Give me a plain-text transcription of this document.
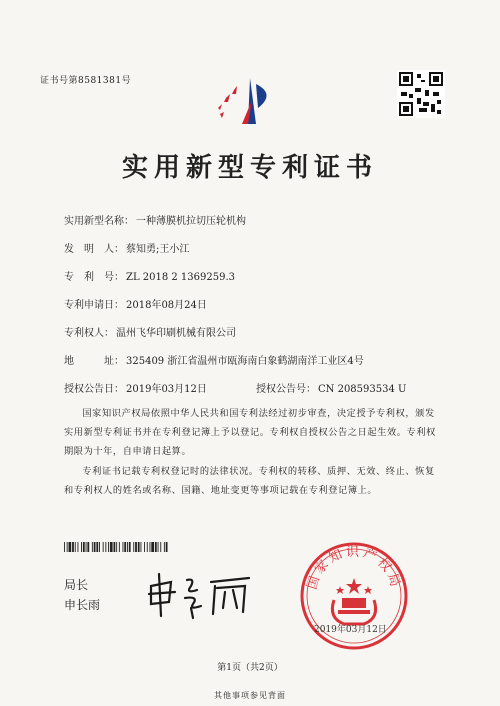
证书号第8581381号
实用新型专利证书
实用新型名称： 一种薄膜机拉切压轮机构
发　明　人： 蔡知勇;王小江
专　利　号： ZL 2018 2 1369259.3
专利申请日： 2018年08月24日
专利权人： 温州飞华印刷机械有限公司
地　　　址： 325409 浙江省温州市瓯海南白象鹤湖南洋工业区4号
授权公告日： 2019年03月12日	授权公告号： CN 208593534 U
国家知识产权局依照中华人民共和国专利法经过初步审查，决定授予专利权，颁发实用新型专利证书并在专利登记簿上予以登记。专利权自授权公告之日起生效。专利权期限为十年，自申请日起算。
专利证书记载专利权登记时的法律状况。专利权的转移、质押、无效、终止、恢复和专利权人的姓名或名称、国籍、地址变更等事项记载在专利登记簿上。
局长
申长雨
国家知识产权局
2019年03月12日
第1页（共2页）
其他事项参见背面
